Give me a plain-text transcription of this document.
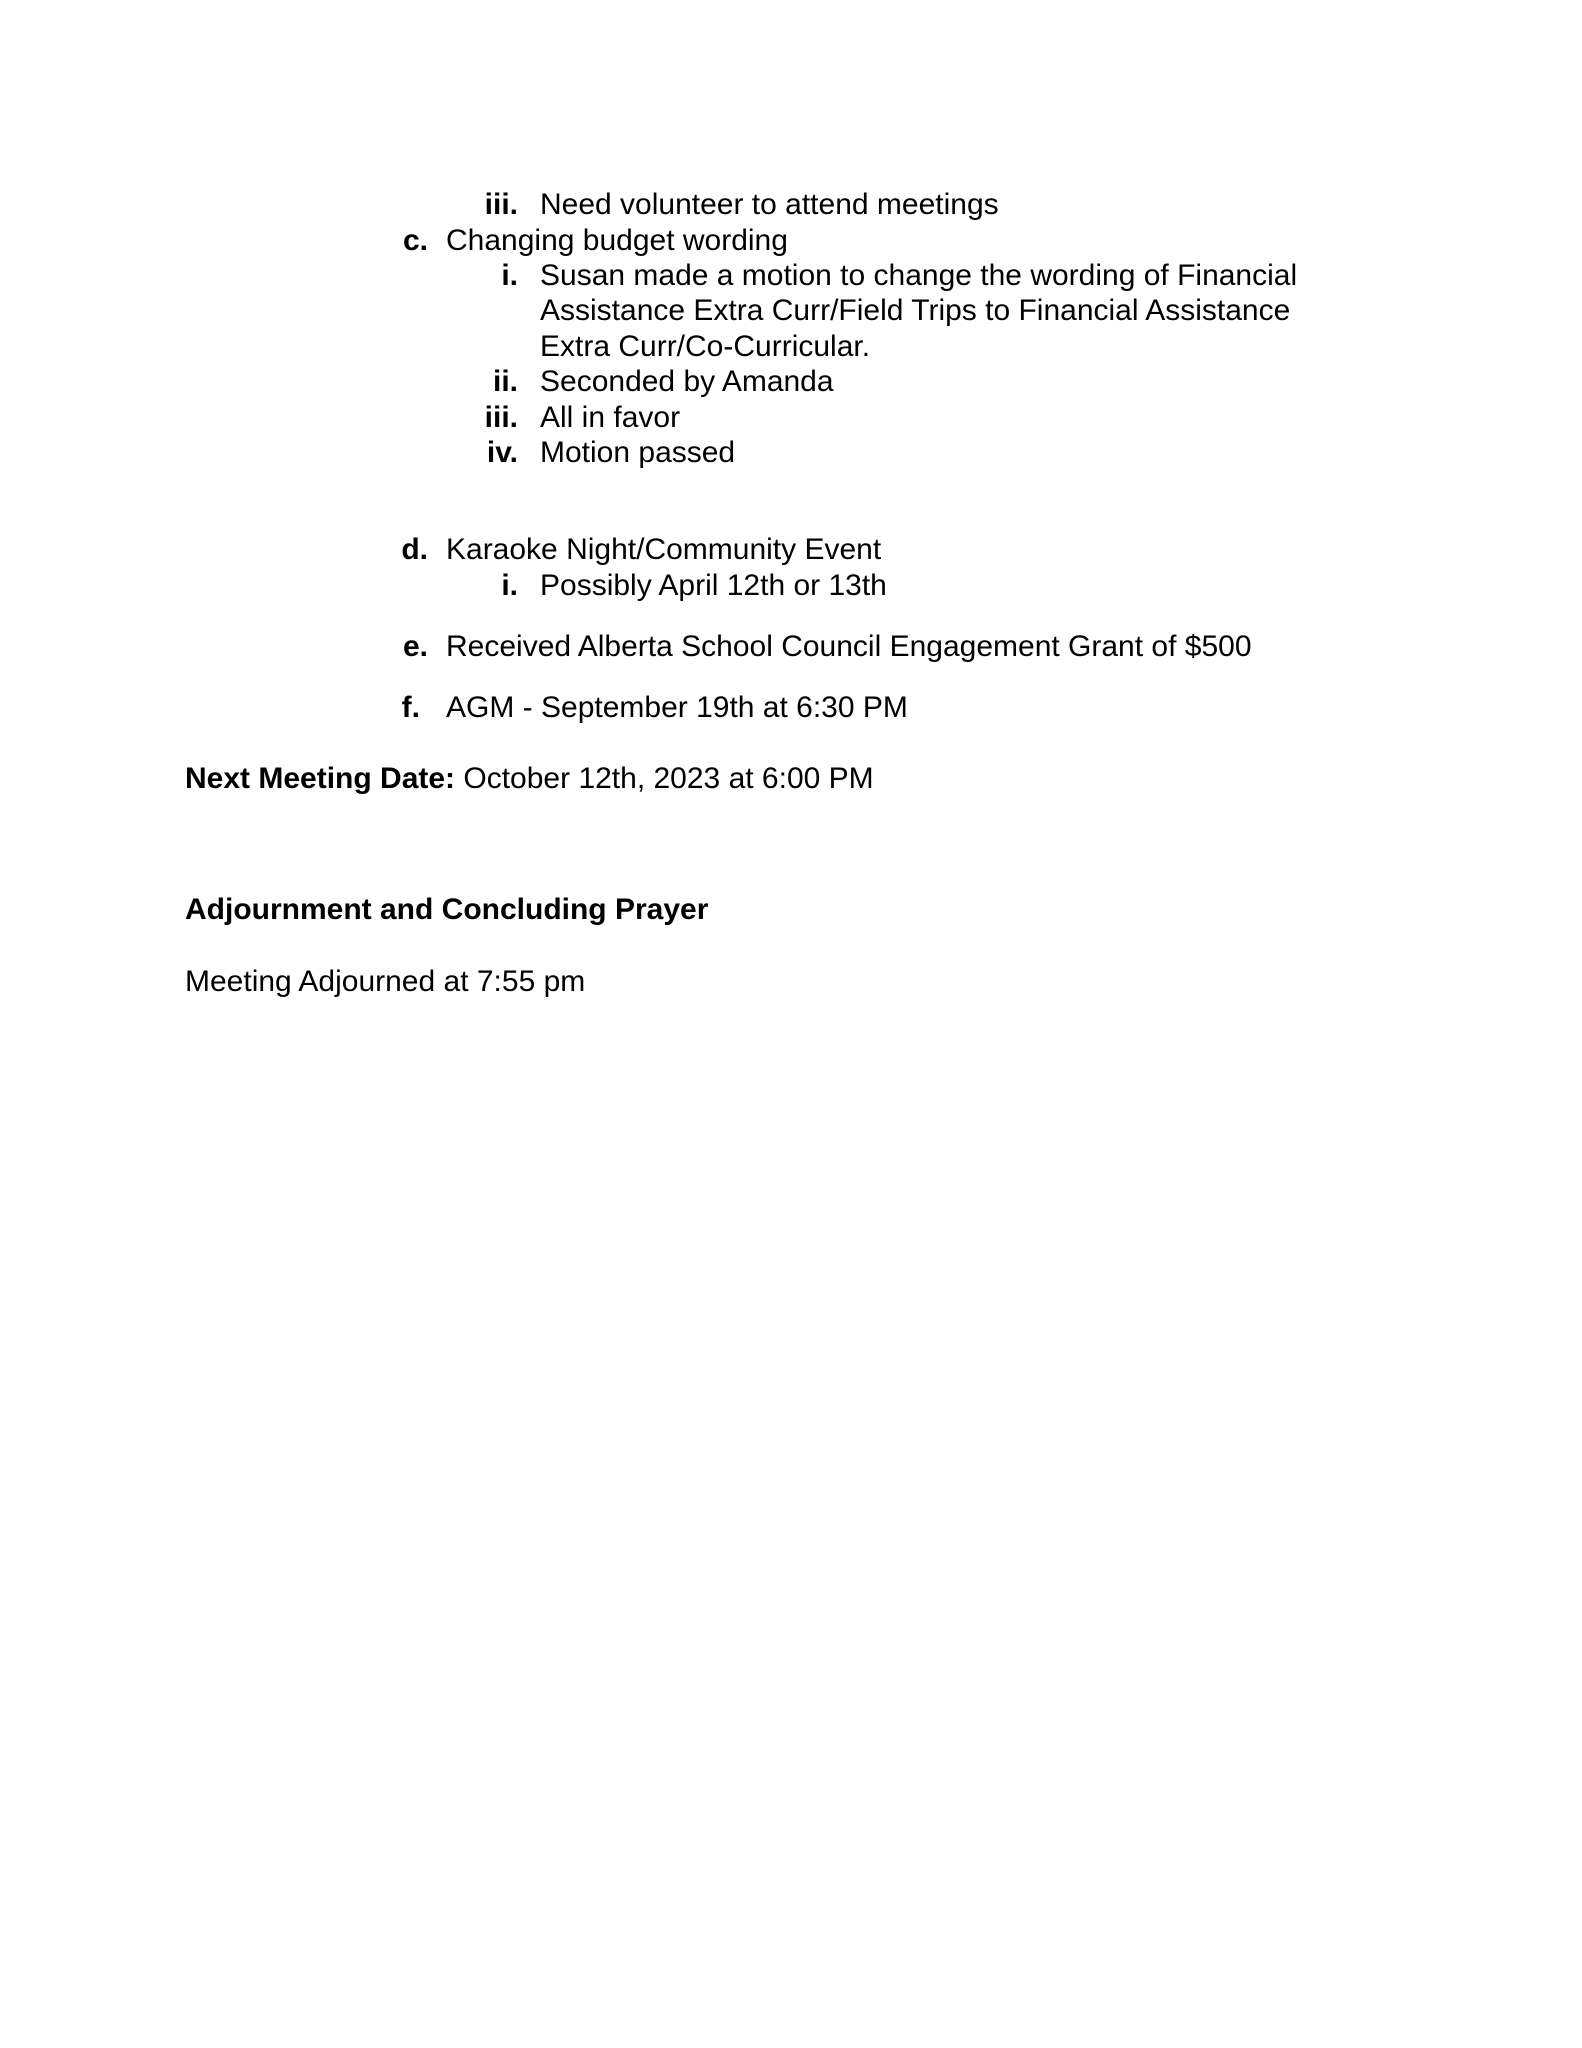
iii. Need volunteer to attend meetings
c. Changing budget wording
i. Susan made a motion to change the wording of Financial
Assistance Extra Curr/Field Trips to Financial Assistance
Extra Curr/Co-Curricular.
ii. Seconded by Amanda
iii. All in favor
iv. Motion passed
d. Karaoke Night/Community Event
i. Possibly April 12th or 13th
e. Received Alberta School Council Engagement Grant of $500
f. AGM - September 19th at 6:30 PM
Next Meeting Date: October 12th, 2023 at 6:00 PM
Adjournment and Concluding Prayer
Meeting Adjourned at 7:55 pm
